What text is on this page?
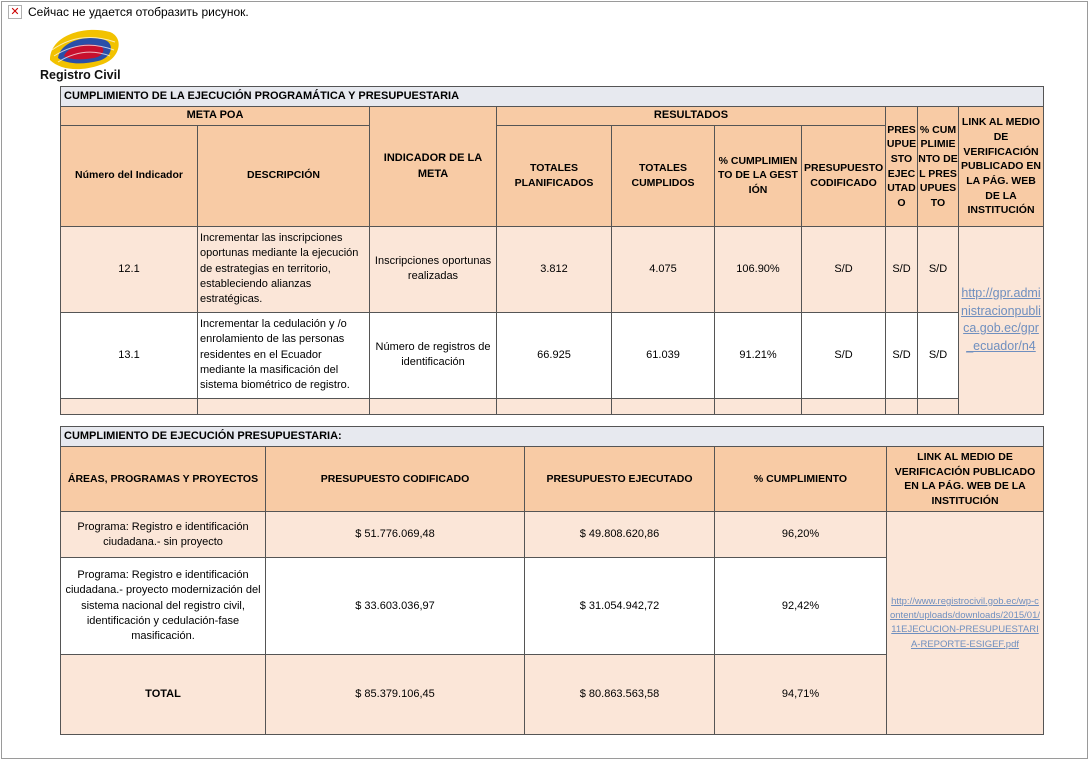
✕ Сейчас не удается отобразить рисунок.
Registro Civil
CUMPLIMIENTO DE LA EJECUCIÓN PROGRAMÁTICA Y PRESUPUESTARIA									
META POA		INDICADOR DE LA META	RESULTADOS				PRESUPUESTO EJECUTADO	% CUMPLIMIENTO DEL PRESUPUESTO	LINK AL MEDIO DE VERIFICACIÓN PUBLICADO EN LA PÁG. WEB DE LA INSTITUCIÓN
Número del Indicador	DESCRIPCIÓN		TOTALES PLANIFICADOS	TOTALES CUMPLIDOS	% CUMPLIMIENTO DE LA GESTIÓN	PRESUPUESTO CODIFICADO			
12.1	Incrementar las inscripciones oportunas mediante la ejecución de estrategias en territorio, estableciendo alianzas estratégicas.	Inscripciones oportunas realizadas	3.812	4.075	106.90%	S/D	S/D	S/D	http://gpr.administracionpublica.gob.ec/gpr_ecuador/n4
13.1	Incrementar la cedulación y /o enrolamiento de las personas residentes en el Ecuador mediante la masificación del sistema biométrico de registro.	Número de registros de identificación	66.925	61.039	91.21%	S/D	S/D	S/D	

CUMPLIMIENTO DE EJECUCIÓN PRESUPUESTARIA:				
ÁREAS, PROGRAMAS Y PROYECTOS	PRESUPUESTO CODIFICADO	PRESUPUESTO EJECUTADO	% CUMPLIMIENTO	LINK AL MEDIO DE VERIFICACIÓN PUBLICADO EN LA PÁG. WEB DE LA INSTITUCIÓN
Programa: Registro e identificación ciudadana.- sin proyecto	$ 51.776.069,48	$ 49.808.620,86	96,20%	http://www.registrocivil.gob.ec/wp-content/uploads/downloads/2015/01/11EJECUCION-PRESUPUESTARIA-REPORTE-ESIGEF.pdf
Programa: Registro e identificación ciudadana.- proyecto modernización del sistema nacional del registro civil, identificación y cedulación-fase masificación.	$ 33.603.036,97	$ 31.054.942,72	92,42%	
TOTAL	$ 85.379.106,45	$ 80.863.563,58	94,71%	
